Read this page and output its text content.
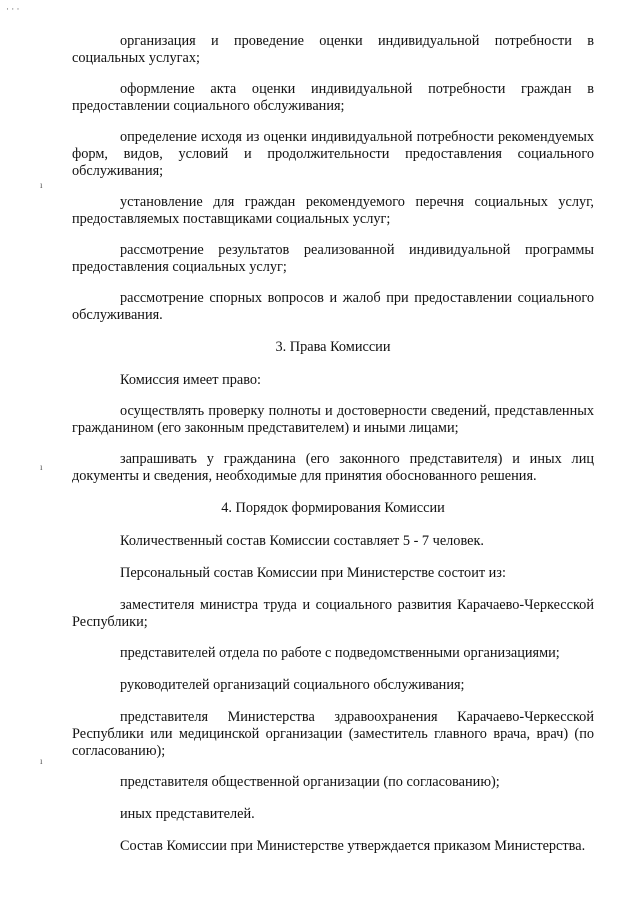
· · ·
ı
ı
ı

организация и проведение оценки индивидуальной потребности в социальных услугах;

оформление акта оценки индивидуальной потребности граждан в предоставлении социального обслуживания;

определение исходя из оценки индивидуальной потребности рекомендуемых форм, видов, условий и продолжительности предоставления социального обслуживания;

установление для граждан рекомендуемого перечня социальных услуг, предоставляемых поставщиками социальных услуг;

рассмотрение результатов реализованной индивидуальной программы предоставления социальных услуг;

рассмотрение спорных вопросов и жалоб при предоставлении социального обслуживания.

3. Права Комиссии

Комиссия имеет право:

осуществлять проверку полноты и достоверности сведений, представленных гражданином (его законным представителем) и иными лицами;

запрашивать у гражданина (его законного представителя) и иных лиц документы и сведения, необходимые для принятия обоснованного решения.

4. Порядок формирования Комиссии

Количественный состав Комиссии составляет 5 - 7 человек.

Персональный состав Комиссии при Министерстве состоит из:

заместителя министра труда и социального развития Карачаево-Черкесской Республики;

представителей отдела по работе с подведомственными организациями;

руководителей организаций социального обслуживания;

представителя Министерства здравоохранения Карачаево-Черкесской Республики или медицинской организации (заместитель главного врача, врач) (по согласованию);

представителя общественной организации (по согласованию);

иных представителей.

Состав Комиссии при Министерстве утверждается приказом Министерства.
